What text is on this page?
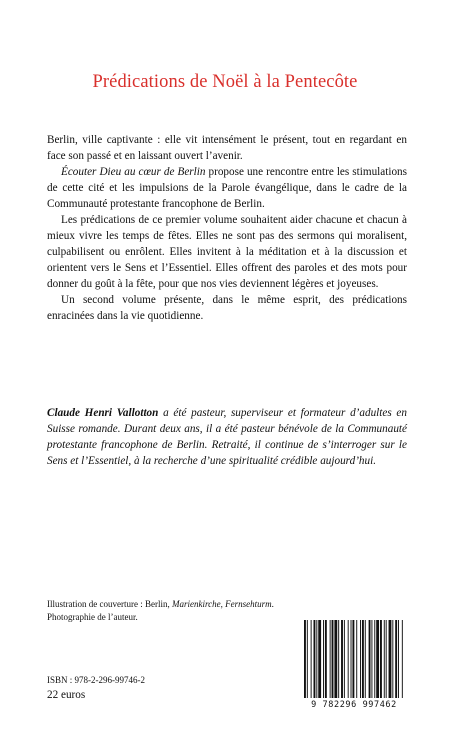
Prédications de Noël à la Pentecôte

Berlin, ville captivante : elle vit intensément le présent, tout en regardant en face son passé et en laissant ouvert l’avenir.

Écouter Dieu au cœur de Berlin propose une rencontre entre les stimulations de cette cité et les impulsions de la Parole évangélique, dans le cadre de la Communauté protestante francophone de Berlin.

Les prédications de ce premier volume souhaitent aider chacune et chacun à mieux vivre les temps de fêtes. Elles ne sont pas des sermons qui moralisent, culpabilisent ou enrôlent. Elles invitent à la méditation et à la discussion et orientent vers le Sens et l’Essentiel. Elles offrent des paroles et des mots pour donner du goût à la fête, pour que nos vies deviennent légères et joyeuses.

Un second volume présente, dans le même esprit, des prédications enracinées dans la vie quotidienne.

Claude Henri Vallotton a été pasteur, superviseur et formateur d’adultes en Suisse romande. Durant deux ans, il a été pasteur bénévole de la Communauté protestante francophone de Berlin. Retraité, il continue de s’interroger sur le Sens et l’Essentiel, à la recherche d’une spiritualité crédible aujourd’hui.

Illustration de couverture : Berlin, Marienkirche, Fernsehturm.

Photographie de l’auteur.

ISBN : 978-2-296-99746-2
22 euros
9 782296 997462
